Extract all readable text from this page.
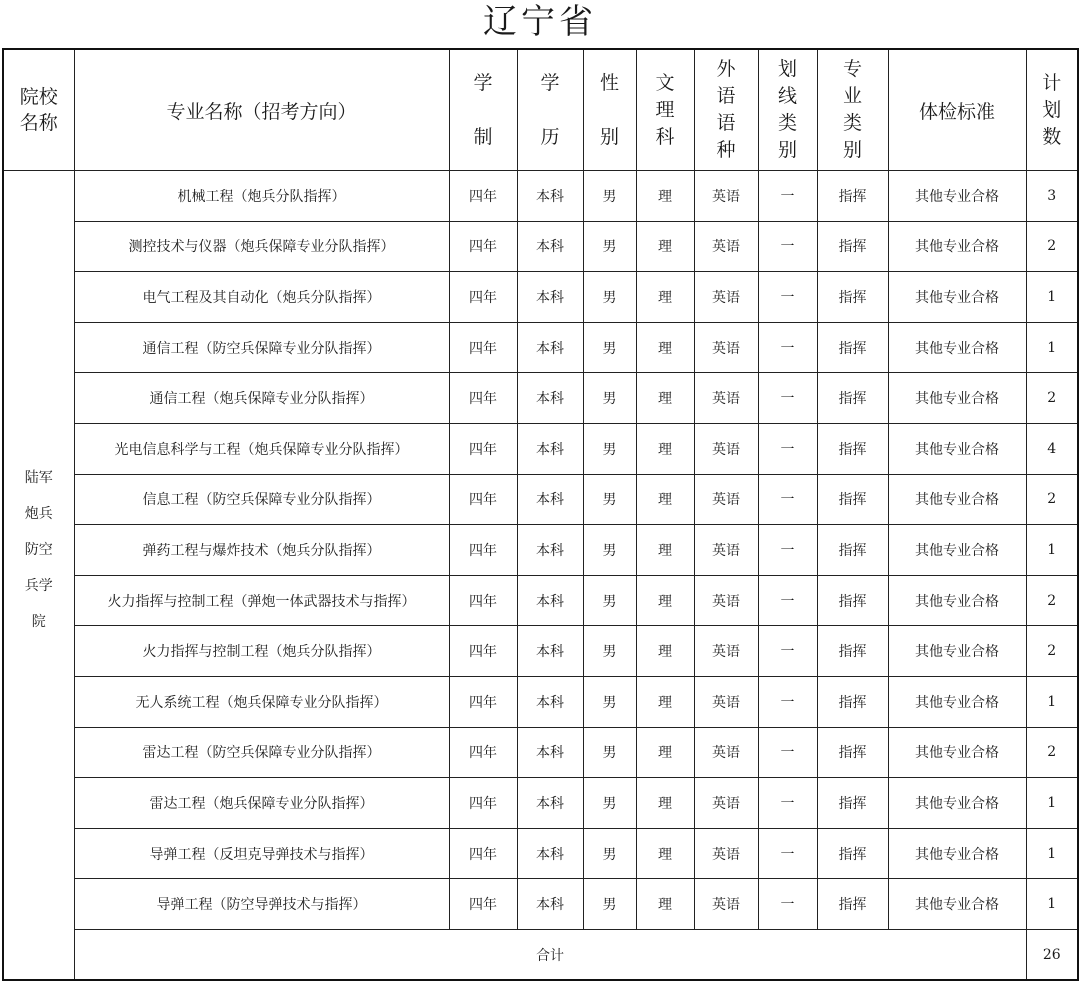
辽宁省
院校名称	专业名称（招考方向）	学制	学历	性别	文理科	外语语种	划线类别	专业类别	体检标准	计划数
陆军炮兵防空兵学院	机械工程（炮兵分队指挥）	四年	本科	男	理	英语	一	指挥	其他专业合格	3
	测控技术与仪器（炮兵保障专业分队指挥）	四年	本科	男	理	英语	一	指挥	其他专业合格	2
	电气工程及其自动化（炮兵分队指挥）	四年	本科	男	理	英语	一	指挥	其他专业合格	1
	通信工程（防空兵保障专业分队指挥）	四年	本科	男	理	英语	一	指挥	其他专业合格	1
	通信工程（炮兵保障专业分队指挥）	四年	本科	男	理	英语	一	指挥	其他专业合格	2
	光电信息科学与工程（炮兵保障专业分队指挥）	四年	本科	男	理	英语	一	指挥	其他专业合格	4
	信息工程（防空兵保障专业分队指挥）	四年	本科	男	理	英语	一	指挥	其他专业合格	2
	弹药工程与爆炸技术（炮兵分队指挥）	四年	本科	男	理	英语	一	指挥	其他专业合格	1
	火力指挥与控制工程（弹炮一体武器技术与指挥）	四年	本科	男	理	英语	一	指挥	其他专业合格	2
	火力指挥与控制工程（炮兵分队指挥）	四年	本科	男	理	英语	一	指挥	其他专业合格	2
	无人系统工程（炮兵保障专业分队指挥）	四年	本科	男	理	英语	一	指挥	其他专业合格	1
	雷达工程（防空兵保障专业分队指挥）	四年	本科	男	理	英语	一	指挥	其他专业合格	2
	雷达工程（炮兵保障专业分队指挥）	四年	本科	男	理	英语	一	指挥	其他专业合格	1
	导弹工程（反坦克导弹技术与指挥）	四年	本科	男	理	英语	一	指挥	其他专业合格	1
	导弹工程（防空导弹技术与指挥）	四年	本科	男	理	英语	一	指挥	其他专业合格	1
	合计									26
